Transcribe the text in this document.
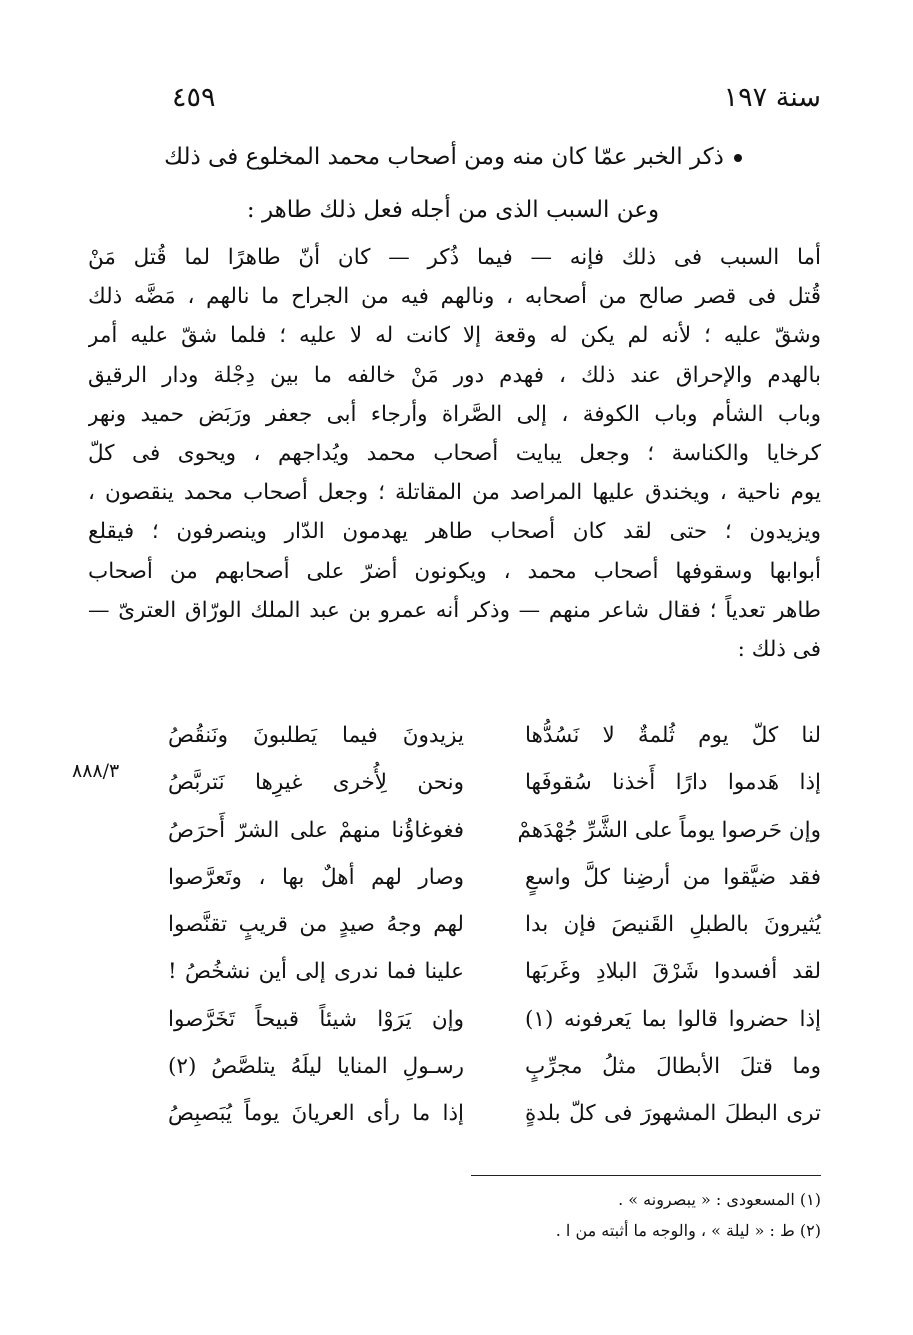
سنة ١٩٧
٤٥٩
ذكر الخبر عمّا كان منه ومن أصحاب محمد المخلوع فى ذلك
وعن السبب الذى من أجله فعل ذلك طاهر :
أما السبب فى ذلك فإنه — فيما ذُكر — كان أنّ طاهرًا لما قُتل مَنْ
قُتل فى قصر صالح من أصحابه ، ونالهم فيه من الجراح ما نالهم ، مَضَّه ذلك
وشقّ عليه ؛ لأنه لم يكن له وقعة إلا كانت له لا عليه ؛ فلما شقّ عليه أمر
بالهدم والإحراق عند ذلك ، فهدم دور مَنْ خالفه ما بين دِجْلة ودار الرقيق
وباب الشأم وباب الكوفة ، إلى الصَّراة وأرجاء أبى جعفر ورَبَض حميد ونهر
كرخايا والكناسة ؛ وجعل يبايت أصحاب محمد ويُداجهم ، ويحوى فى كلّ
يوم ناحية ، ويخندق عليها المراصد من المقاتلة ؛ وجعل أصحاب محمد ينقصون ،
ويزيدون ؛ حتى لقد كان أصحاب طاهر يهدمون الدّار وينصرفون ؛ فيقلع
أبوابها وسقوفها أصحاب محمد ، ويكونون أضرّ على أصحابهم من أصحاب
طاهر تعدياً ؛ فقال شاعر منهم — وذكر أنه عمرو بن عبد الملك الورّاق العترىّ —
فى ذلك :
٨٨٨/٣
لنا كلّ يوم ثُلمةٌ لا نَسُدُّها
يزيدونَ فيما يَطلبونَ ونَنقُصُ
إذا هَدموا دارًا أَخذنا سُقوفَها
ونحن لِأُخرى غيرِها نَتربَّصُ
وإن حَرصوا يوماً على الشَّرِّ جُهْدَهمْ
فغوغاؤُنا منهمْ على الشرّ أَحرَصُ
فقد ضيَّقوا من أرضِنا كلَّ واسعٍ
وصار لهم أهلٌ بها ، وتَعرَّصوا
يُثيرونَ بالطبلِ القَنيصَ فإن بدا
لهم وجهُ صيدٍ من قريبٍ تقنَّصوا
لقد أفسدوا شَرْقَ البلادِ وغَربَها
علينا فما ندرى إلى أين نشخُصُ !
إذا حضروا قالوا بما يَعرفونه (١)
وإن يَرَوْا شيئاً قبيحاً تَخَرَّصوا
وما قتلَ الأبطالَ مثلُ مجرِّبٍ
رسـولِ المنايا ليلَهُ يتلصَّصُ (٢)
ترى البطلَ المشهورَ فى كلّ بلدةٍ
إذا ما رأى العريانَ يوماً يُبَصبِصُ
(١) المسعودى : « يبصرونه » .
(٢) ط : « ليلة » ، والوجه ما أثبته من ا .
